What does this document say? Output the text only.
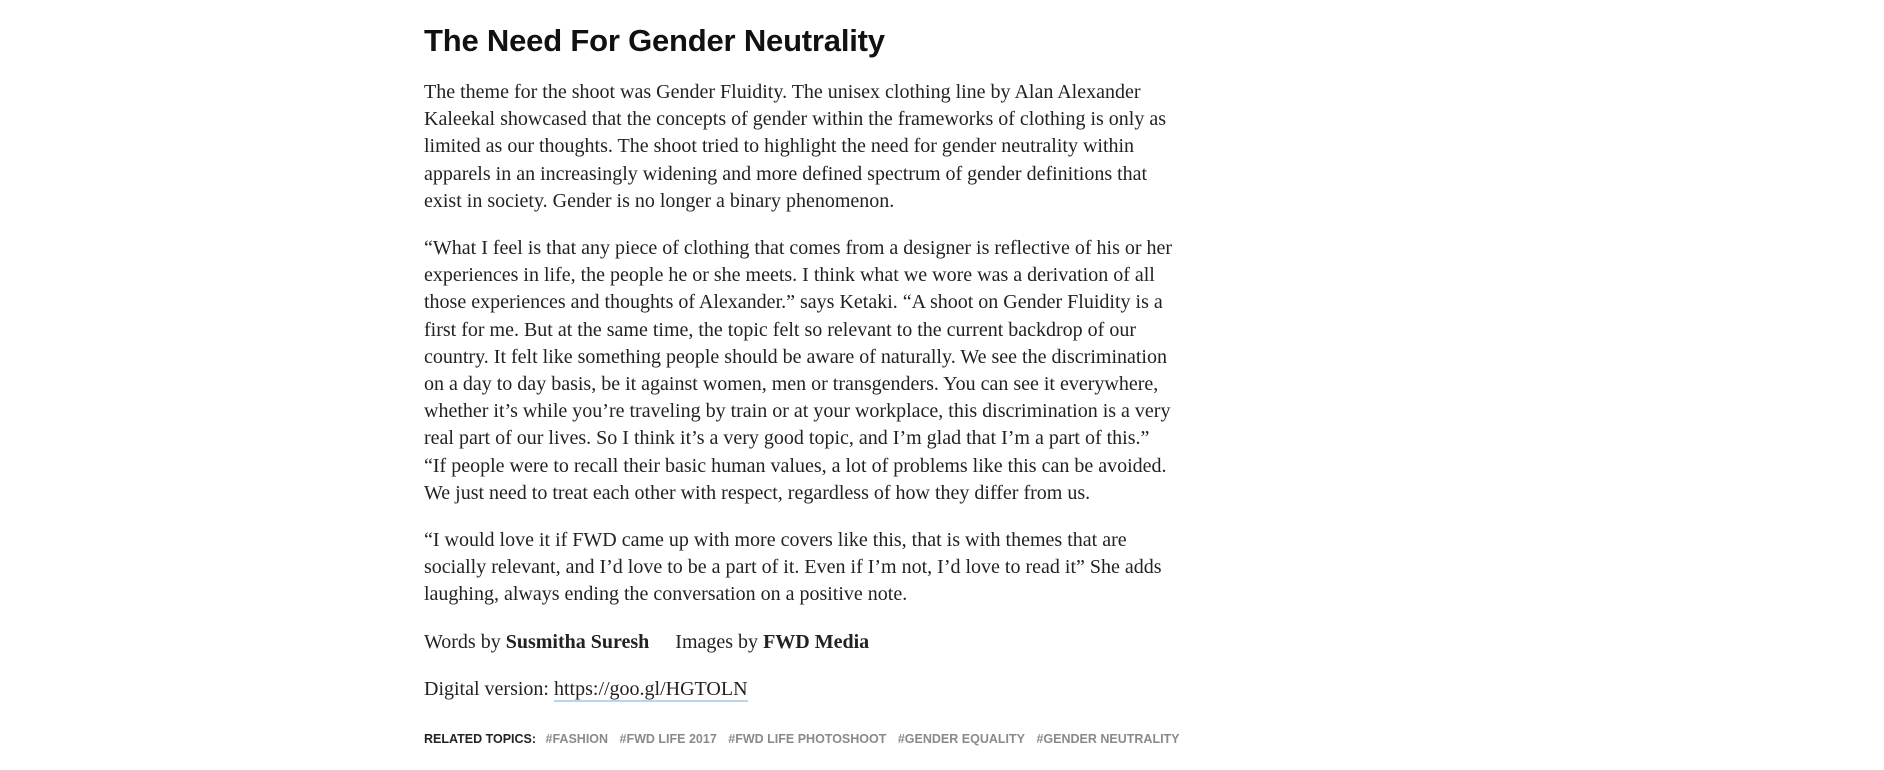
The Need For Gender Neutrality

The theme for the shoot was Gender Fluidity. The unisex clothing line by Alan Alexander
Kaleekal showcased that the concepts of gender within the frameworks of clothing is only as
limited as our thoughts. The shoot tried to highlight the need for gender neutrality within
apparels in an increasingly widening and more defined spectrum of gender definitions that
exist in society. Gender is no longer a binary phenomenon.

“What I feel is that any piece of clothing that comes from a designer is reflective of his or her
experiences in life, the people he or she meets. I think what we wore was a derivation of all
those experiences and thoughts of Alexander.” says Ketaki. “A shoot on Gender Fluidity is a
first for me. But at the same time, the topic felt so relevant to the current backdrop of our
country. It felt like something people should be aware of naturally. We see the discrimination
on a day to day basis, be it against women, men or transgenders. You can see it everywhere,
whether it’s while you’re traveling by train or at your workplace, this discrimination is a very
real part of our lives. So I think it’s a very good topic, and I’m glad that I’m a part of this.”
“If people were to recall their basic human values, a lot of problems like this can be avoided.
We just need to treat each other with respect, regardless of how they differ from us.

“I would love it if FWD came up with more covers like this, that is with themes that are
socially relevant, and I’d love to be a part of it. Even if I’m not, I’d love to read it” She adds
laughing, always ending the conversation on a positive note.

Words by Susmitha Suresh Images by FWD Media

Digital version: https://goo.gl/HGTOLN

RELATED TOPICS: #FASHION #FWD LIFE 2017 #FWD LIFE PHOTOSHOOT #GENDER EQUALITY #GENDER NEUTRALITY
